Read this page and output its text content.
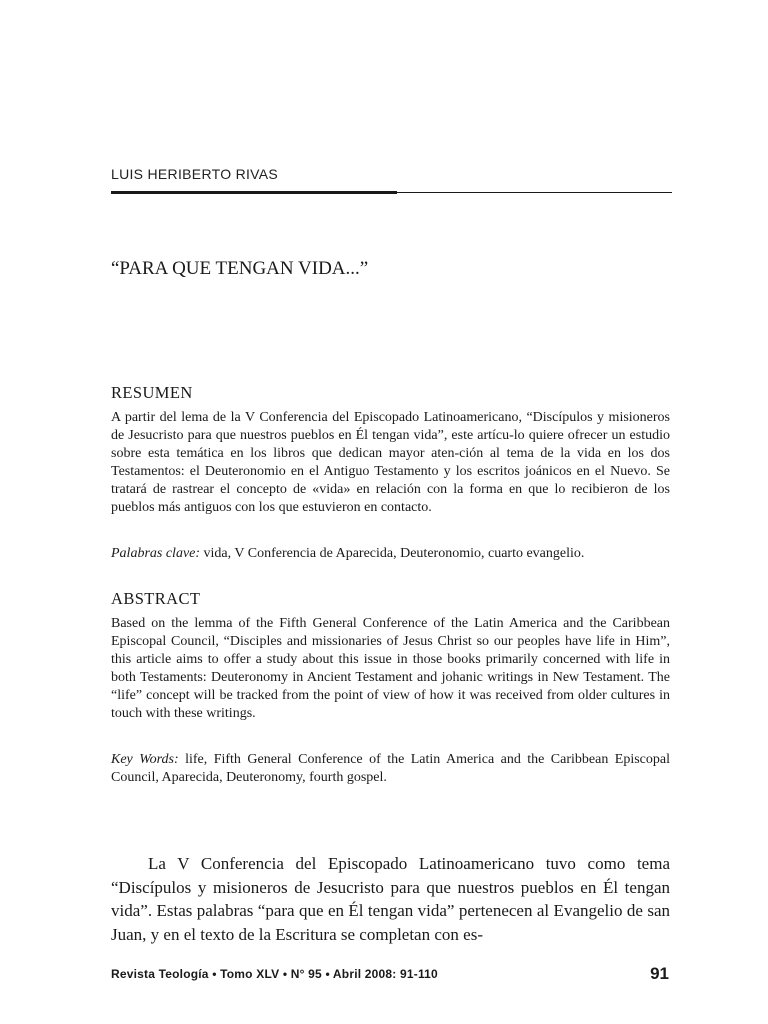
LUIS HERIBERTO RIVAS
“PARA QUE TENGAN VIDA...”
RESUMEN
A partir del lema de la V Conferencia del Episcopado Latinoamericano, “Discípulos y misioneros de Jesucristo para que nuestros pueblos en Él tengan vida”, este artícu-lo quiere ofrecer un estudio sobre esta temática en los libros que dedican mayor aten-ción al tema de la vida en los dos Testamentos: el Deuteronomio en el Antiguo Testamento y los escritos joánicos en el Nuevo. Se tratará de rastrear el concepto de «vida» en relación con la forma en que lo recibieron de los pueblos más antiguos con los que estuvieron en contacto.
Palabras clave: vida, V Conferencia de Aparecida, Deuteronomio, cuarto evangelio.
ABSTRACT
Based on the lemma of the Fifth General Conference of the Latin America and the Caribbean Episcopal Council, “Disciples and missionaries of Jesus Christ so our peoples have life in Him”, this article aims to offer a study about this issue in those books primarily concerned with life in both Testaments: Deuteronomy in Ancient Testament and johanic writings in New Testament. The “life” concept will be tracked from the point of view of how it was received from older cultures in touch with these writings.
Key Words: life, Fifth General Conference of the Latin America and the Caribbean Episcopal Council, Aparecida, Deuteronomy, fourth gospel.
La V Conferencia del Episcopado Latinoamericano tuvo como tema “Discípulos y misioneros de Jesucristo para que nuestros pueblos en Él tengan vida”. Estas palabras “para que en Él tengan vida” pertenecen al Evangelio de san Juan, y en el texto de la Escritura se completan con es-
Revista Teología • Tomo XLV • N° 95 • Abril 2008: 91-110	91
